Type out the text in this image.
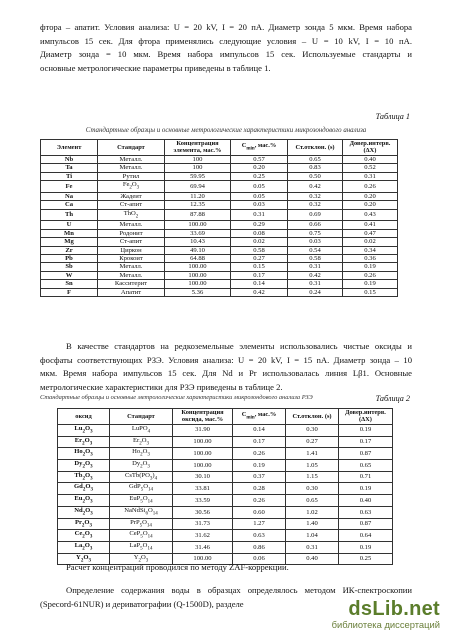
фтора – апатит. Условия анализа: U = 20 kV, I = 20 пА. Диаметр зонда 5 мкм. Время набора
импульсов 15 сек. Для фтора применялись следующие условия – U = 10 kV, I = 10 пА.
Диаметр зонда = 10 мкм. Время набора импульсов 15 сек. Используемые стандарты и
основные метрологические параметры приведены в таблице 1.
Таблица 1
Стандартные образцы и основные метрологические характеристики микрозондового анализа
Элемент	Стандарт	Концентрация элемента, мас.%	$C_{min}$, мас.%	Ст.отклон. (s)	Довер.интерв. (ΔX)
Nb	Металл.	100	0.57	0.65	0.40
Ta	Металл.	100	0.20	0.83	0.52
Ti	Рутил	59.95	0.25	0.50	0.31
Fe	$Fe_2O_3$	69.94	0.05	0.42	0.26
Na	Жадеит	11.20	0.05	0.32	0.20
Ca	Ст-апит	12.35	0.03	0.32	0.20
Th	ThO$_2$	87.88	0.31	0.69	0.43
U	Металл.	100.00	0.29	0.66	0.41
Mn	Родонит	33.69	0.08	0.75	0.47
Mg	Ст-апит	10.43	0.02	0.03	0.02
Zr	Циркон	49.10	0.58	0.54	0.34
Pb	Крокоит	64.88	0.27	0.58	0.36
Sb	Металл.	100.00	0.15	0.31	0.19
W	Металл.	100.00	0.17	0.42	0.26
Sn	Касситерит	100.00	0.14	0.31	0.19
F	Апатит	5.36	0.42	0.24	0.15
В качестве стандартов на редкоземельные элементы использовались чистые оксиды и
фосфаты соответствующих РЗЭ. Условия анализа: U = 20 kV, I = 15 nA. Диаметр зонда – 10
мкм. Время набора импульсов 15 сек. Для Nd и Pr использовалась линия Lβ1. Основные
метрологические характеристики для РЗЭ приведены в таблице 2.
Таблица 2
Стандартные образцы и основные метрологические характеристики микрозондового анализа РЗЭ
оксид	Стандарт	Концентрация оксида, мас.%	$C_{min}$, мас.%	Ст.отклон. (s)	Довер.интерв. (ΔX)
$Lu_2O_3$	LuPO$_4$	31.90	0.14	0.30	0.19
$Er_2O_3$	$Er_2O_3$	100.00	0.17	0.27	0.17
$Ho_2O_3$	$Ho_2O_3$	100.00	0.26	1.41	0.87
$Dy_2O_3$	$Dy_2O_3$	100.00	0.19	1.05	0.65
$Tb_2O_3$	$CsTb(PO_3)_4$	30.10	0.37	1.15	0.71
$Gd_2O_3$	$GdP_5O_{14}$	33.81	0.28	0.30	0.19
$Eu_2O_3$	$EuP_5O_{14}$	33.59	0.26	0.65	0.40
$Nd_2O_3$	$NaNdSi_6O_{14}$	30.56	0.60	1.02	0.63
$Pr_2O_3$	$PrP_5O_{14}$	31.73	1.27	1.40	0.87
$Ce_2O_3$	$CeP_5O_{14}$	31.62	0.63	1.04	0.64
$La_2O_3$	$LaP_5O_{14}$	31.46	0.86	0.31	0.19
$Y_2O_3$	$Y_2O_3$	100.00	0.06	0.40	0.25
Расчет концентраций проводился по методу ZAF-коррекции.
Определение содержания воды в образцах определялось методом ИК-спектроскопии
(Specord-61NUR) и дериватографии (Q-1500D), разделе	dsLib.net
библиотека диссертаций
